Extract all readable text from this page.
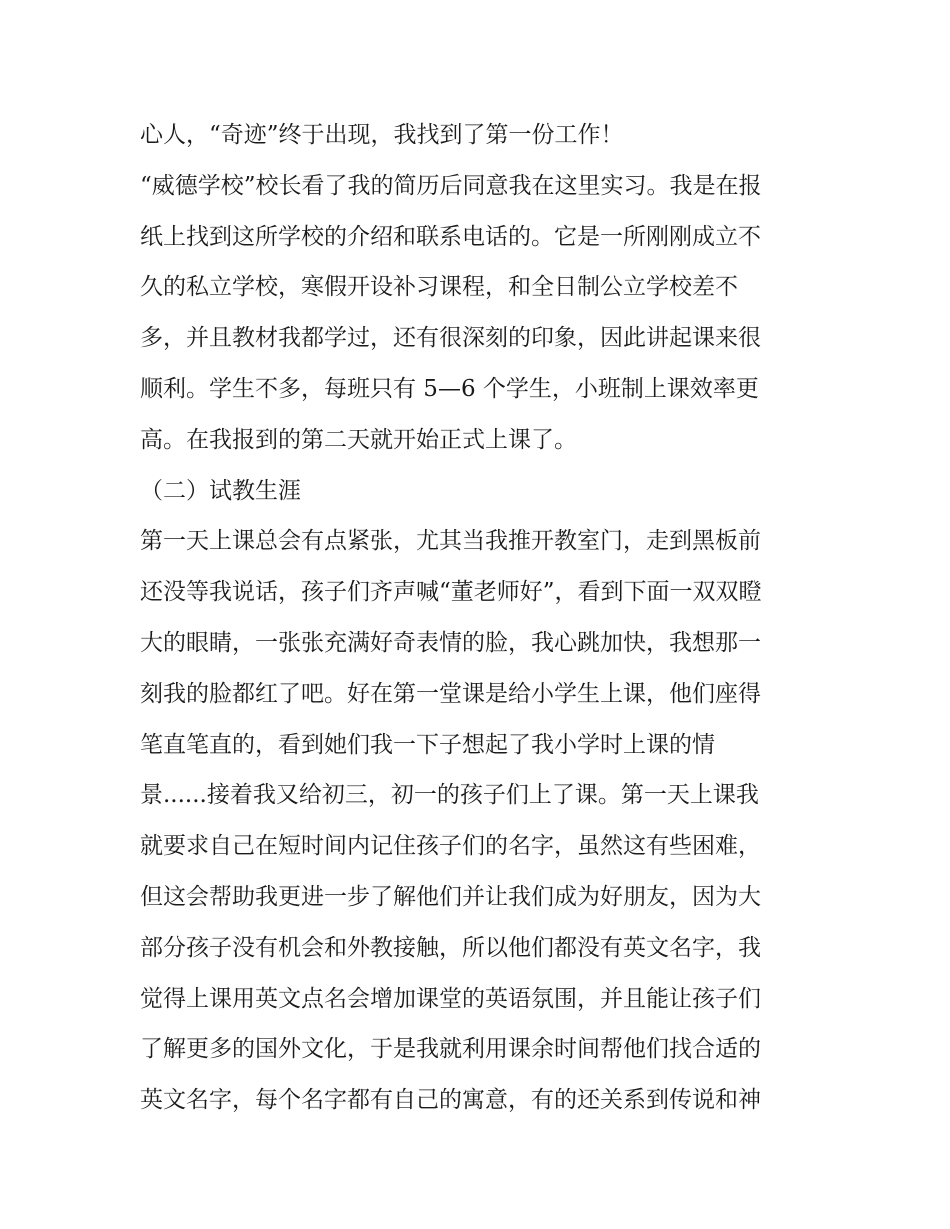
心人，“奇迹”终于出现，我找到了第一份工作！
“威德学校”校长看了我的简历后同意我在这里实习。我是在报
纸上找到这所学校的介绍和联系电话的。它是一所刚刚成立不
久的私立学校，寒假开设补习课程，和全日制公立学校差不
多，并且教材我都学过，还有很深刻的印象，因此讲起课来很
顺利。学生不多，每班只有 5—6 个学生，小班制上课效率更
高。在我报到的第二天就开始正式上课了。
（二）试教生涯
第一天上课总会有点紧张，尤其当我推开教室门，走到黑板前
还没等我说话，孩子们齐声喊“董老师好”，看到下面一双双瞪
大的眼睛，一张张充满好奇表情的脸，我心跳加快，我想那一
刻我的脸都红了吧。好在第一堂课是给小学生上课，他们座得
笔直笔直的，看到她们我一下子想起了我小学时上课的情
景......接着我又给初三，初一的孩子们上了课。第一天上课我
就要求自己在短时间内记住孩子们的名字，虽然这有些困难，
但这会帮助我更进一步了解他们并让我们成为好朋友，因为大
部分孩子没有机会和外教接触，所以他们都没有英文名字，我
觉得上课用英文点名会增加课堂的英语氛围，并且能让孩子们
了解更多的国外文化，于是我就利用课余时间帮他们找合适的
英文名字，每个名字都有自己的寓意，有的还关系到传说和神
